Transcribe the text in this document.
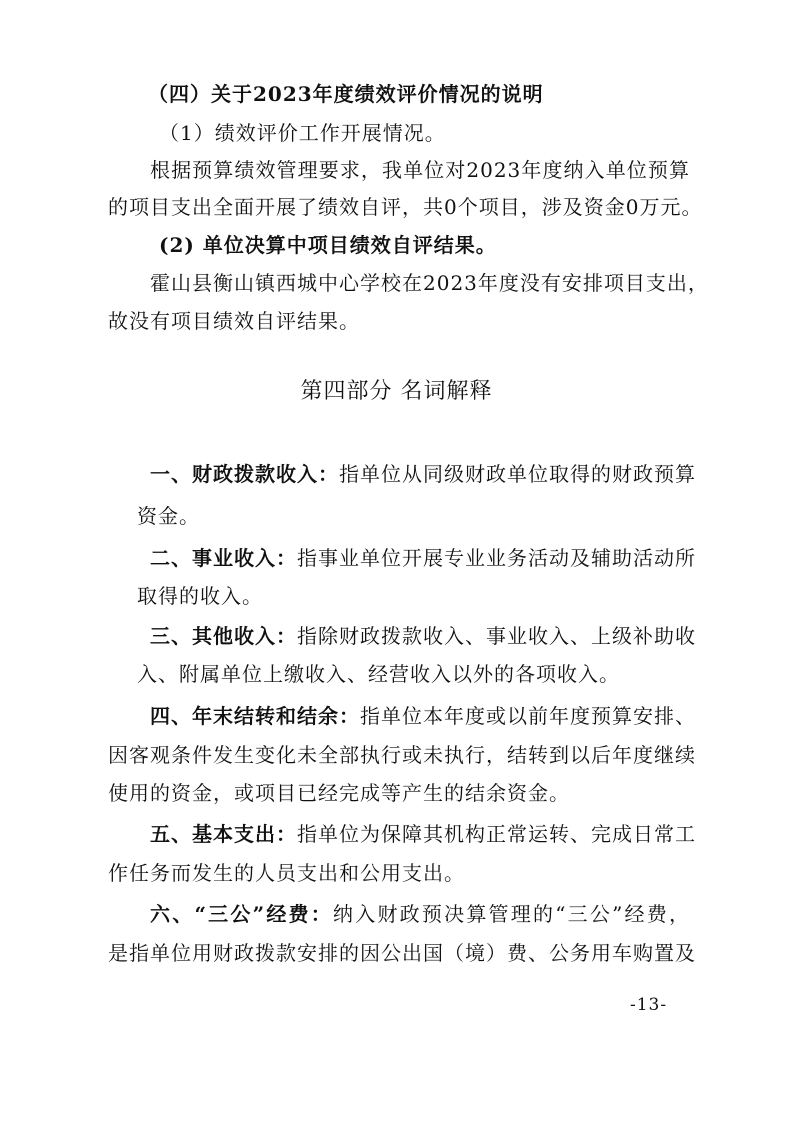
（四）关于2023年度绩效评价情况的说明
（1）绩效评价工作开展情况。
根据预算绩效管理要求，我单位对2023年度纳入单位预算
的项目支出全面开展了绩效自评，共0个项目，涉及资金0万元。
(2) 单位决算中项目绩效自评结果。
霍山县衡山镇西城中心学校在2023年度没有安排项目支出，
故没有项目绩效自评结果。
第四部分 名词解释
一、财政拨款收入：指单位从同级财政单位取得的财政预算
资金。
二、事业收入：指事业单位开展专业业务活动及辅助活动所
取得的收入。
三、其他收入：指除财政拨款收入、事业收入、上级补助收
入、附属单位上缴收入、经营收入以外的各项收入。
四、年末结转和结余：指单位本年度或以前年度预算安排、
因客观条件发生变化未全部执行或未执行，结转到以后年度继续
使用的资金，或项目已经完成等产生的结余资金。
五、基本支出：指单位为保障其机构正常运转、完成日常工
作任务而发生的人员支出和公用支出。
六、“三公”经费：纳入财政预决算管理的“三公”经费，
是指单位用财政拨款安排的因公出国（境）费、公务用车购置及
-13-
